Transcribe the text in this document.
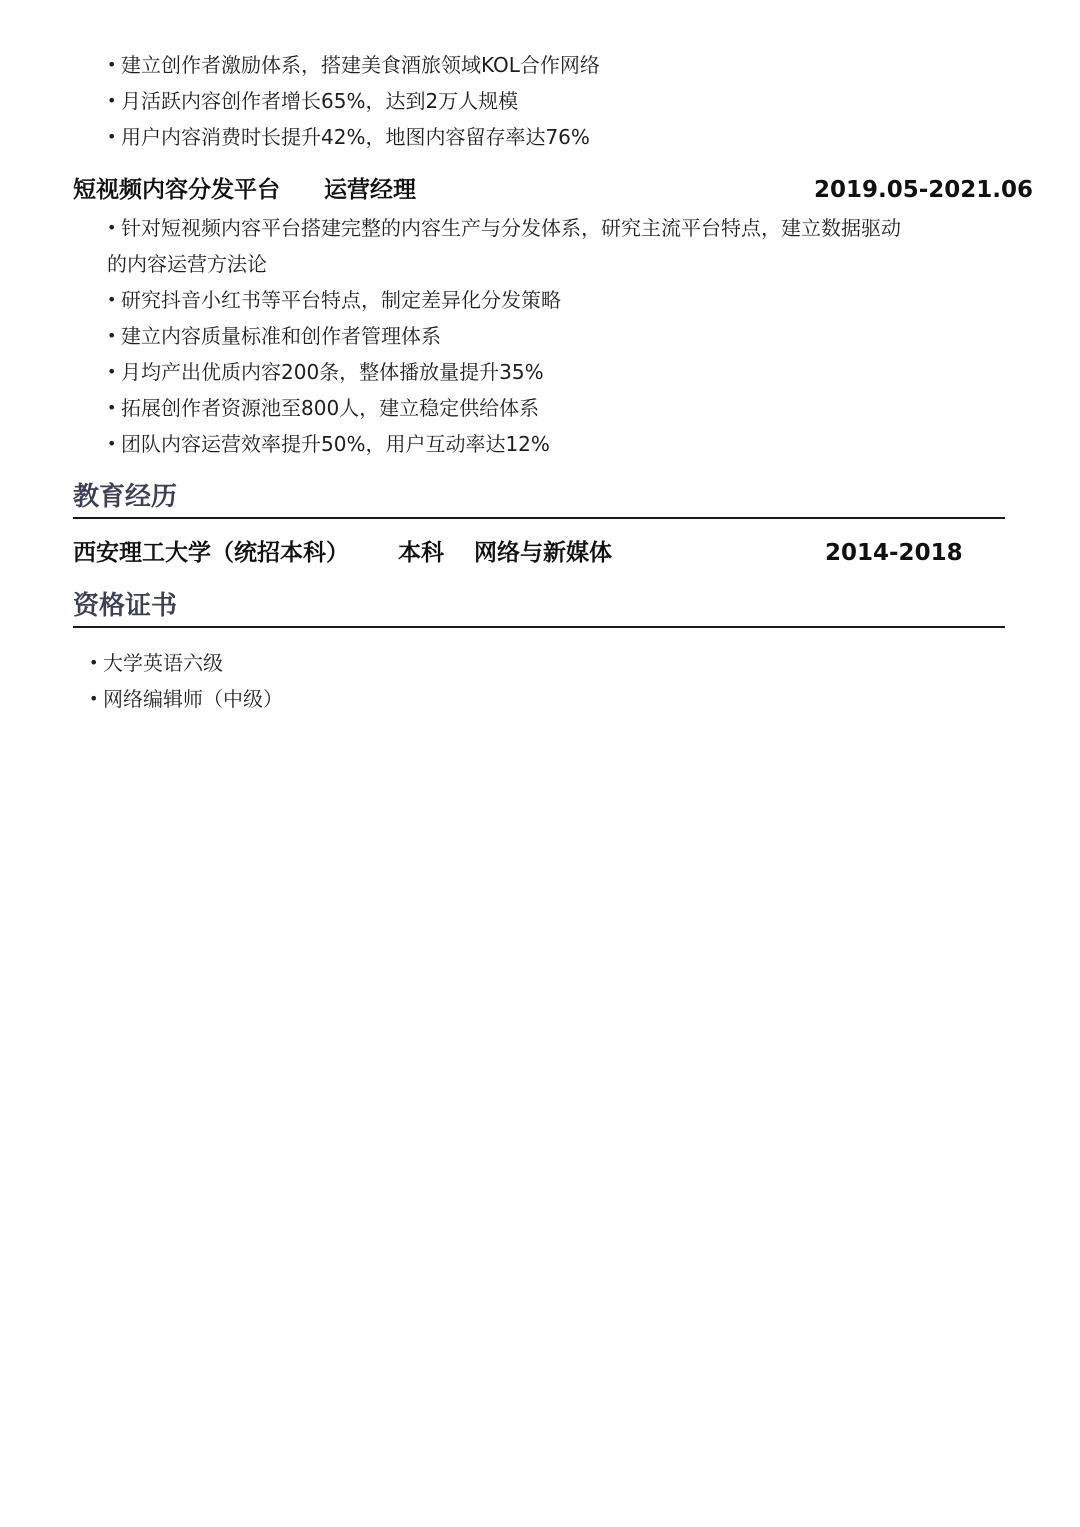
• 建立创作者激励体系，搭建美食酒旅领域KOL合作网络
• 月活跃内容创作者增长65%，达到2万人规模
• 用户内容消费时长提升42%，地图内容留存率达76%
短视频内容分发平台 运营经理	2019.05-2021.06
• 针对短视频内容平台搭建完整的内容生产与分发体系，研究主流平台特点，建立数据驱动
的内容运营方法论
• 研究抖音小红书等平台特点，制定差异化分发策略
• 建立内容质量标准和创作者管理体系
• 月均产出优质内容200条，整体播放量提升35%
• 拓展创作者资源池至800人，建立稳定供给体系
• 团队内容运营效率提升50%，用户互动率达12%
教育经历
西安理工大学（统招本科） 本科 网络与新媒体	2014-2018
资格证书
• 大学英语六级
• 网络编辑师（中级）
